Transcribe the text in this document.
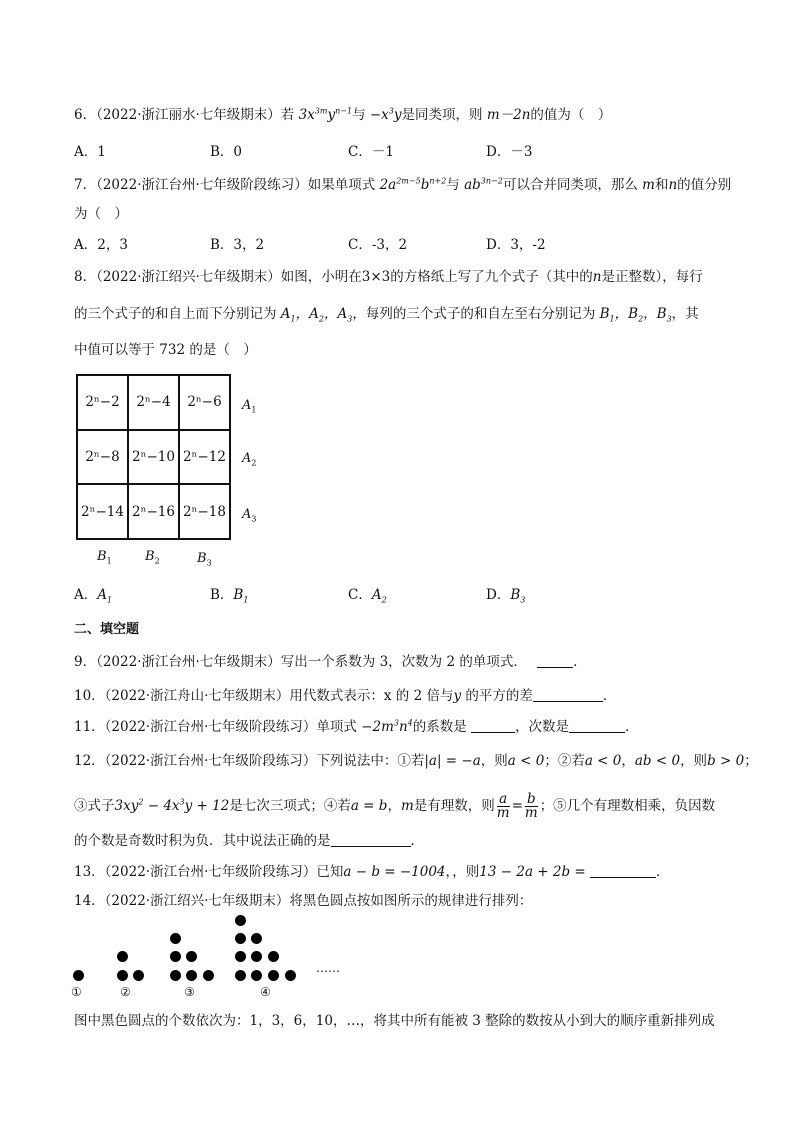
6．（2022·浙江丽水·七年级期末）若 $3x^{3m}y^{n-1}$与 $-x^3y$是同类项，则 m－2n的值为（　）
A．1	B．0	C．－1	D．－3
7．（2022·浙江台州·七年级阶段练习）如果单项式 $2a^{2m-5}b^{n+2}$与 $ab^{3n-2}$可以合并同类项，那么 m和n的值分别
为（　）
A．2，3	B．3，2	C．-3，2	D．3，-2
8．（2022·浙江绍兴·七年级期末）如图，小明在3×3的方格纸上写了九个式子（其中的n是正整数），每行
的三个式子的和自上而下分别记为 $A_1$，$A_2$，$A_3$，每列的三个式子的和自左至右分别记为 $B_1$，$B_2$，$B_3$，其
中值可以等于 732 的是（　）
2ⁿ−2	2ⁿ−4	2ⁿ−6
2ⁿ−8 2ⁿ−10 2ⁿ−12
2ⁿ−14 2ⁿ−16 2ⁿ−18
$A_1$
$A_2$
$A_3$
$B_1$	$B_2$	$B_3$
A．$A_1$	B．$B_1$	C．$A_2$	D．$B_3$
二、填空题
9．（2022·浙江台州·七年级期末）写出一个系数为 3，次数为 2 的单项式．	．
10．（2022·浙江舟山·七年级期末）用代数式表示：x 的 2 倍与y 的平方的差	．
11．（2022·浙江台州·七年级阶段练习）单项式 $-2m^3n^4$的系数是	，次数是	．
12．（2022·浙江台州·七年级阶段练习）下列说法中：①若|a| = −a，则a < 0；②若a < 0，ab < 0，则b > 0；
③式子$3xy^2 - 4x^3y + 12$是七次三项式；④若a = b，m是有理数，则 $\frac{a}{m} = \frac{b}{m}$ ；⑤几个有理数相乘，负因数
的个数是奇数时积为负．其中说法正确的是	．
13．（2022·浙江台州·七年级阶段练习）已知a − b = −1004，，则13 − 2a + 2b =	．
14．（2022·浙江绍兴·七年级期末）将黑色圆点按如图所示的规律进行排列：
①	②	③	④
……
图中黑色圆点的个数依次为：1，3，6，10，…，将其中所有能被 3 整除的数按从小到大的顺序重新排列成
